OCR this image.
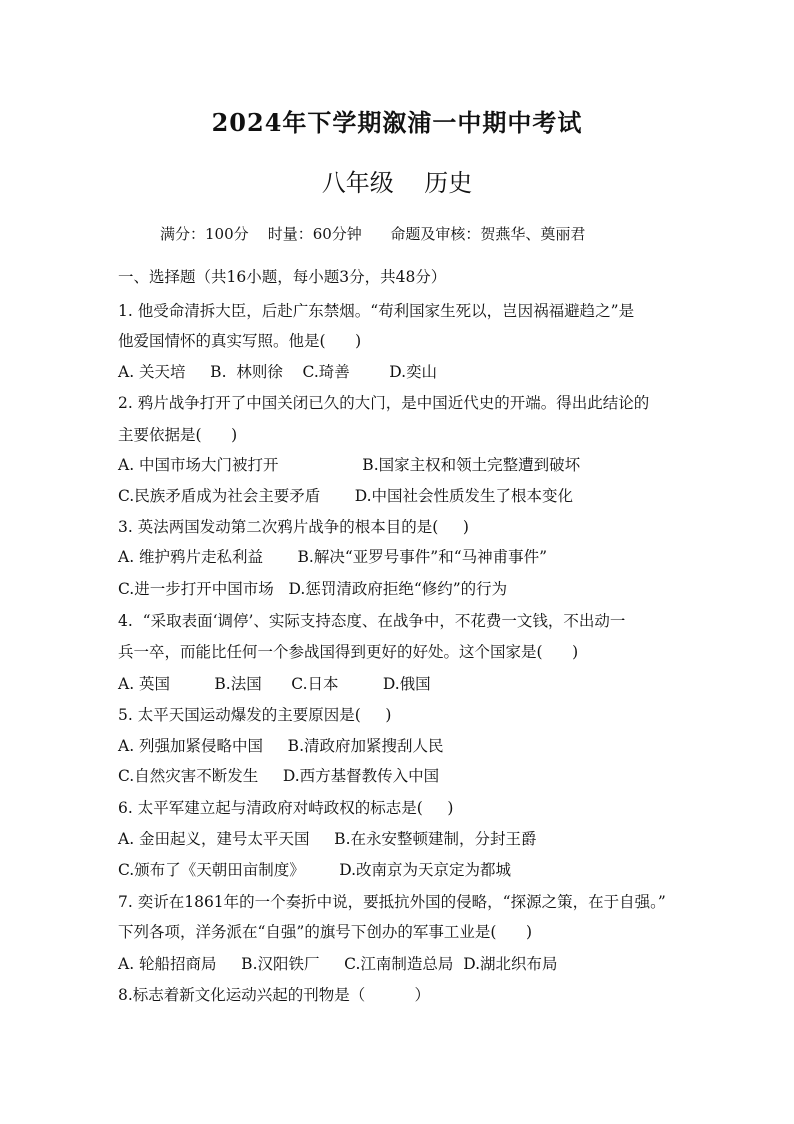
2024年下学期溆浦一中期中考试
八年级    历史
满分：100分    时量：60分钟      命题及审核：贺燕华、奠丽君
一、选择题（共16小题，每小题3分，共48分）
1. 他受命清拆大臣，后赴广东禁烟。“苟利国家生死以，岂因祸福避趋之”是
他爱国情怀的真实写照。他是(      )
A. 关天培     B.  林则徐    C.琦善        D.奕山
2. 鸦片战争打开了中国关闭已久的大门，是中国近代史的开端。得出此结论的
主要依据是(      )
A. 中国市场大门被打开                 B.国家主权和领土完整遭到破坏
C.民族矛盾成为社会主要矛盾       D.中国社会性质发生了根本变化
3. 英法两国发动第二次鸦片战争的根本目的是(     )
A. 维护鸦片走私利益       B.解决“亚罗号事件”和“马神甫事件”
C.进一步打开中国市场   D.惩罚清政府拒绝“修约”的行为
4.  “采取表面‘调停’、实际支持态度、在战争中，不花费一文钱，不出动一
兵一卒，而能比任何一个参战国得到更好的好处。这个国家是(      )
A. 英国         B.法国      C.日本         D.俄国
5. 太平天国运动爆发的主要原因是(     )
A. 列强加紧侵略中国     B.清政府加紧搜刮人民
C.自然灾害不断发生     D.西方基督教传入中国
6. 太平军建立起与清政府对峙政权的标志是(     )
A. 金田起义，建号太平天国     B.在永安整顿建制，分封王爵
C.颁布了《天朝田亩制度》       D.改南京为天京定为都城
7. 奕䜣在1861年的一个奏折中说，要抵抗外国的侵略，“探源之策，在于自强。”
下列各项，洋务派在“自强”的旗号下创办的军事工业是(      )
A. 轮船招商局     B.汉阳铁厂     C.江南制造总局  D.湖北织布局
8.标志着新文化运动兴起的刊物是（          ）
